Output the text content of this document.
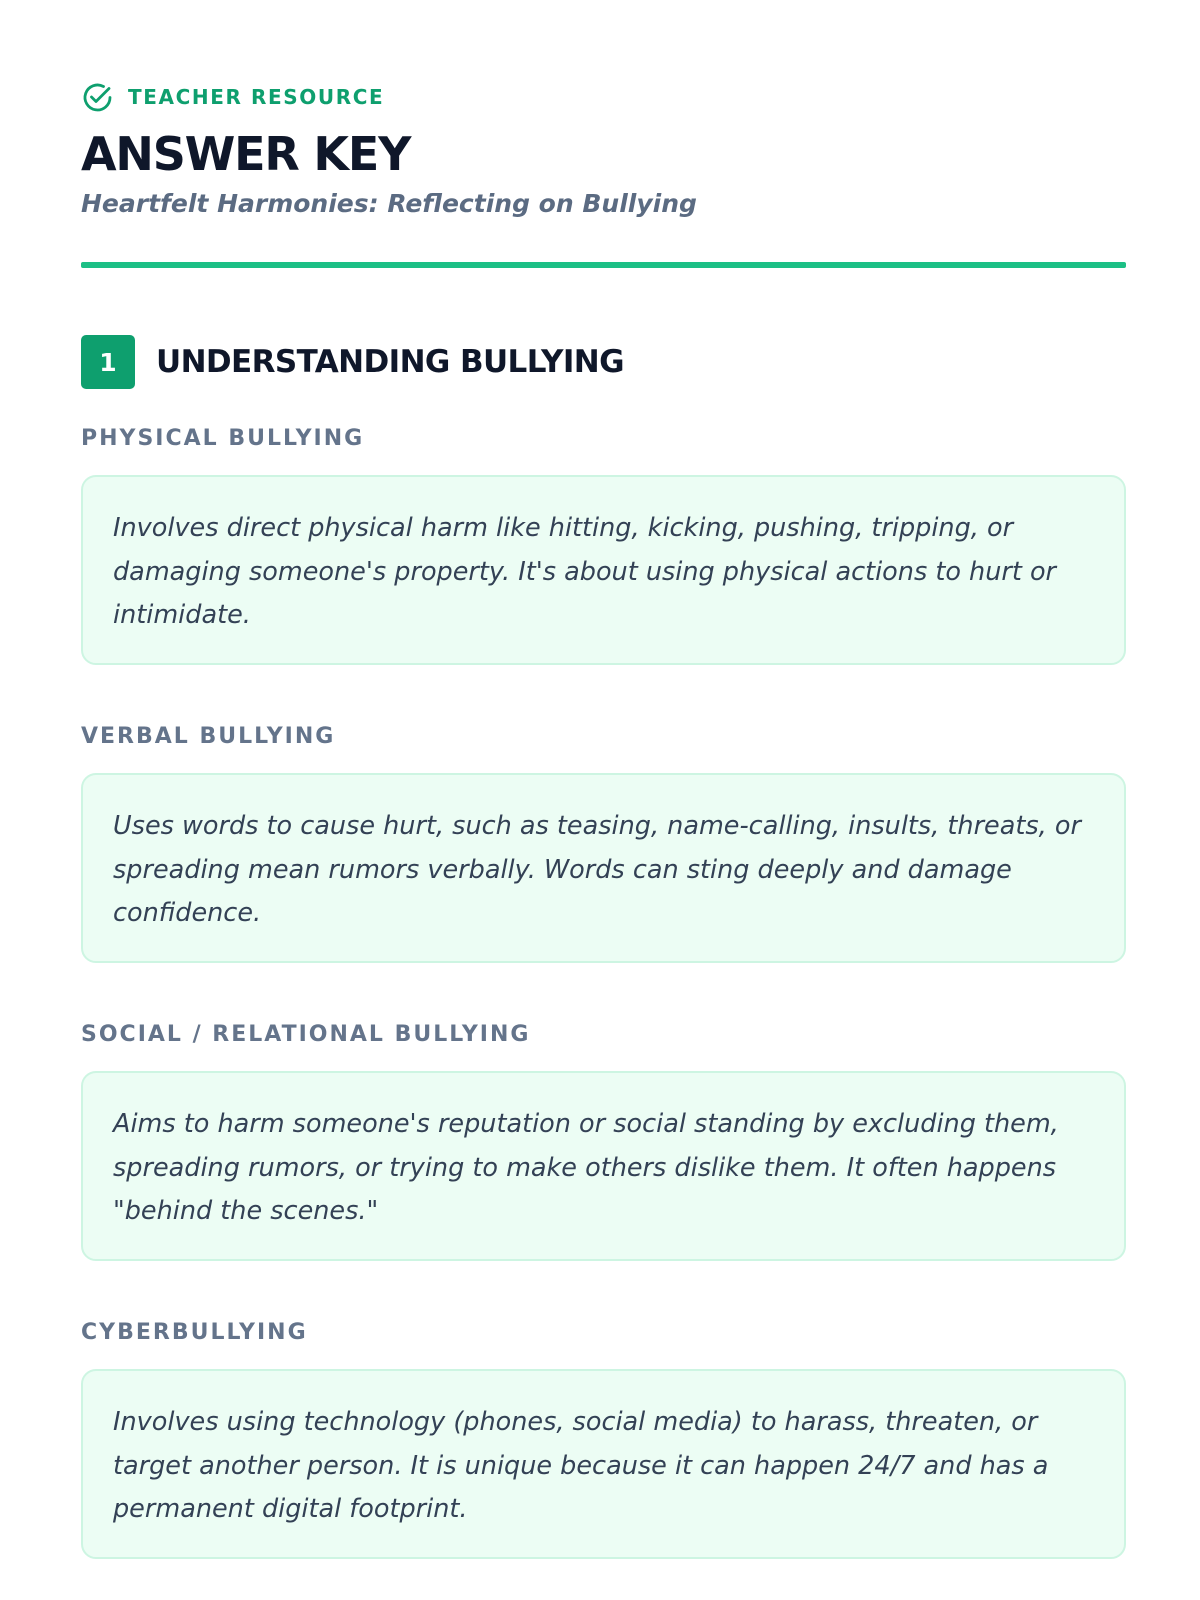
TEACHER RESOURCE
ANSWER KEY
Heartfelt Harmonies: Reflecting on Bullying
1	UNDERSTANDING BULLYING
PHYSICAL BULLYING

Involves direct physical harm like hitting, kicking, pushing, tripping, or damaging someone's property. It's about using physical actions to hurt or intimidate.

VERBAL BULLYING

Uses words to cause hurt, such as teasing, name-calling, insults, threats, or spreading mean rumors verbally. Words can sting deeply and damage confidence.

SOCIAL / RELATIONAL BULLYING

Aims to harm someone's reputation or social standing by excluding them, spreading rumors, or trying to make others dislike them. It often happens "behind the scenes."

CYBERBULLYING

Involves using technology (phones, social media) to harass, threaten, or target another person. It is unique because it can happen 24/7 and has a permanent digital footprint.
